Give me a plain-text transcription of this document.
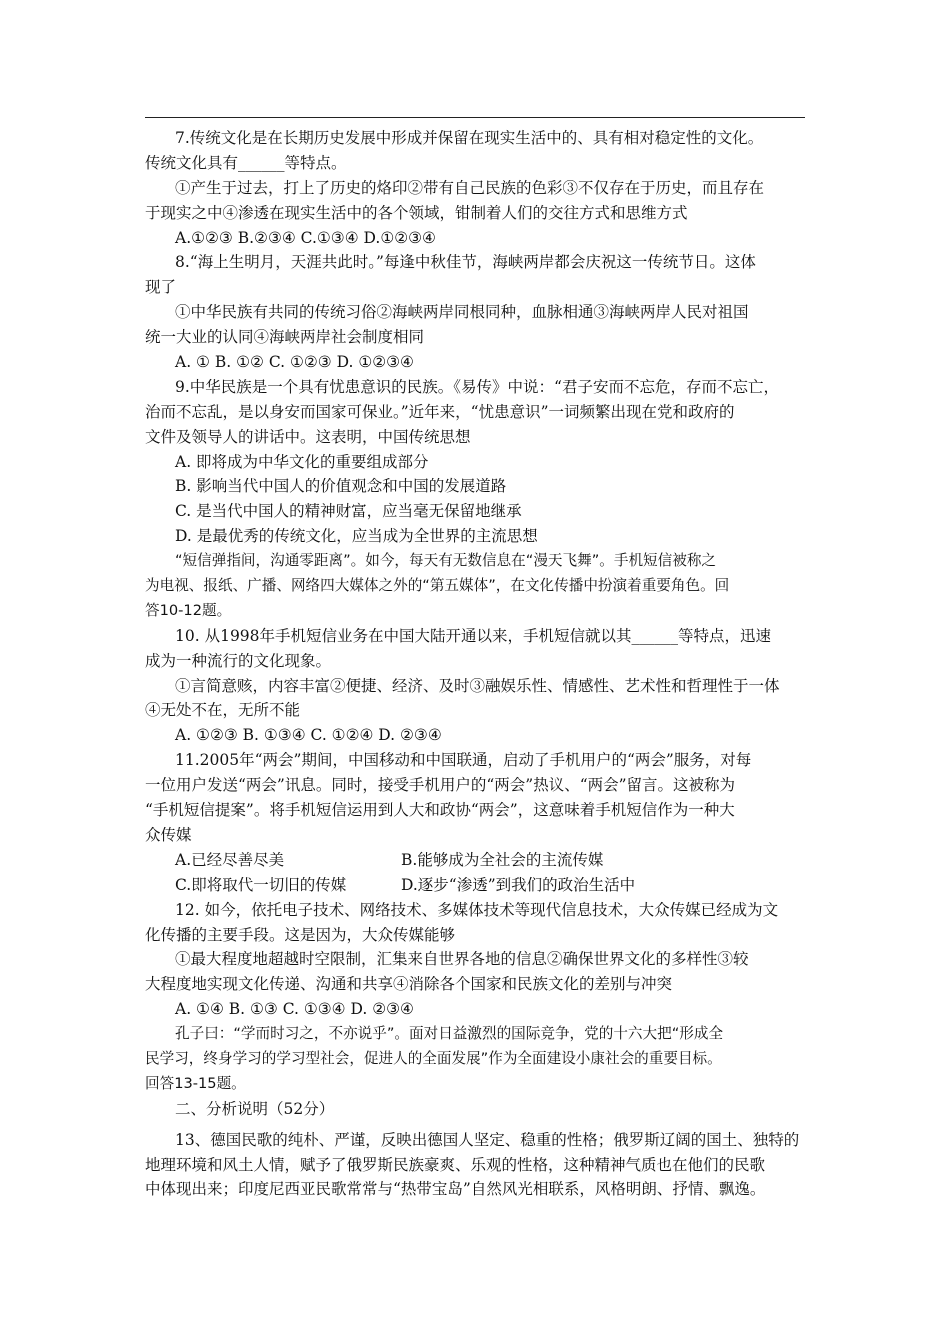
7.传统文化是在长期历史发展中形成并保留在现实生活中的、具有相对稳定性的文化。
传统文化具有______等特点。
①产生于过去，打上了历史的烙印②带有自己民族的色彩③不仅存在于历史，而且存在
于现实之中④渗透在现实生活中的各个领域，钳制着人们的交往方式和思维方式
A.①②③ B.②③④ C.①③④ D.①②③④
8.“海上生明月，天涯共此时。”每逢中秋佳节，海峡两岸都会庆祝这一传统节日。这体
现了
①中华民族有共同的传统习俗②海峡两岸同根同种，血脉相通③海峡两岸人民对祖国
统一大业的认同④海峡两岸社会制度相同
A. ① B. ①② C. ①②③ D. ①②③④
9.中华民族是一个具有忧患意识的民族。《易传》中说：“君子安而不忘危，存而不忘亡，
治而不忘乱，是以身安而国家可保业。”近年来，“忧患意识”一词频繁出现在党和政府的
文件及领导人的讲话中。这表明，中国传统思想
A. 即将成为中华文化的重要组成部分
B. 影响当代中国人的价值观念和中国的发展道路
C. 是当代中国人的精神财富，应当毫无保留地继承
D. 是最优秀的传统文化，应当成为全世界的主流思想
“短信弹指间，沟通零距离”。如今，每天有无数信息在“漫天飞舞”。手机短信被称之
为电视、报纸、广播、网络四大媒体之外的“第五媒体”，在文化传播中扮演着重要角色。回
答10-12题。
10. 从1998年手机短信业务在中国大陆开通以来，手机短信就以其______等特点，迅速
成为一种流行的文化现象。
①言简意赅，内容丰富②便捷、经济、及时③融娱乐性、情感性、艺术性和哲理性于一体
④无处不在，无所不能
A. ①②③ B. ①③④ C. ①②④ D. ②③④
11.2005年“两会”期间，中国移动和中国联通，启动了手机用户的“两会”服务，对每
一位用户发送“两会”讯息。同时，接受手机用户的“两会”热议、“两会”留言。这被称为
“手机短信提案”。将手机短信运用到人大和政协“两会”，这意味着手机短信作为一种大
众传媒
A.已经尽善尽美	B.能够成为全社会的主流传媒
C.即将取代一切旧的传媒	D.逐步“渗透”到我们的政治生活中
12. 如今，依托电子技术、网络技术、多媒体技术等现代信息技术，大众传媒已经成为文
化传播的主要手段。这是因为，大众传媒能够
①最大程度地超越时空限制，汇集来自世界各地的信息②确保世界文化的多样性③较
大程度地实现文化传递、沟通和共享④消除各个国家和民族文化的差别与冲突
A. ①④ B. ①③ C. ①③④ D. ②③④
孔子曰：“学而时习之，不亦说乎”。面对日益激烈的国际竞争，党的十六大把“形成全
民学习，终身学习的学习型社会，促进人的全面发展”作为全面建设小康社会的重要目标。
回答13-15题。
二、分析说明（52分）
13、德国民歌的纯朴、严谨，反映出德国人坚定、稳重的性格；俄罗斯辽阔的国土、独特的
地理环境和风土人情，赋予了俄罗斯民族豪爽、乐观的性格，这种精神气质也在他们的民歌
中体现出来；印度尼西亚民歌常常与“热带宝岛”自然风光相联系，风格明朗、抒情、飘逸。
